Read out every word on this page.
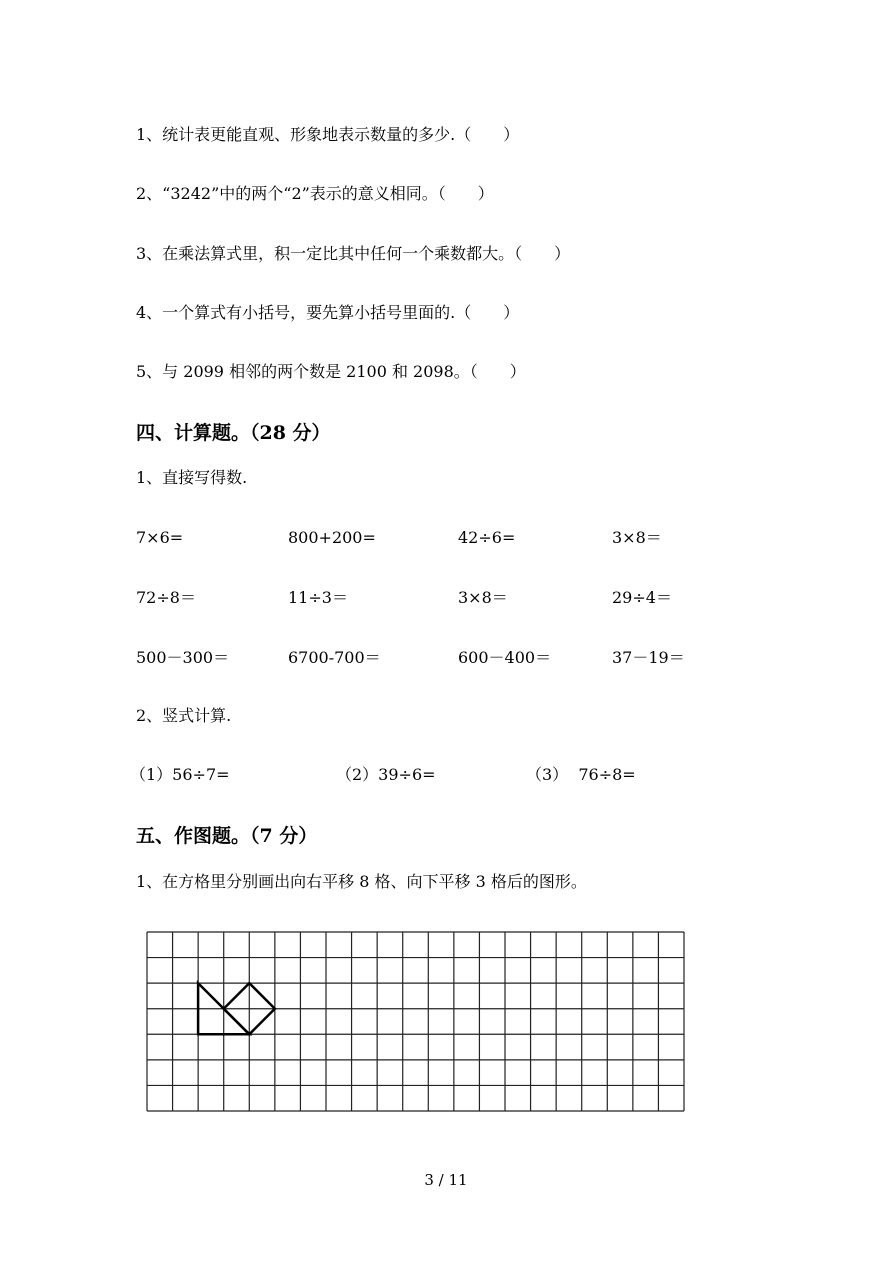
1、统计表更能直观、形象地表示数量的多少.（　　）
2、“3242”中的两个“2”表示的意义相同。（　　）
3、在乘法算式里，积一定比其中任何一个乘数都大。（　　）
4、一个算式有小括号，要先算小括号里面的.（　　）
5、与 2099 相邻的两个数是 2100 和 2098。（　　）
四、计算题。（28 分）
1、直接写得数.
7×6=	800+200=	42÷6=	3×8＝
72÷8＝	11÷3＝	3×8＝	29÷4＝
500－300＝	6700-700＝	600－400＝	37－19＝
2、竖式计算.
（1）56÷7=	（2）39÷6=	（3）  76÷8=
五、作图题。（7 分）
1、在方格里分别画出向右平移 8 格、向下平移 3 格后的图形。
3 / 11
